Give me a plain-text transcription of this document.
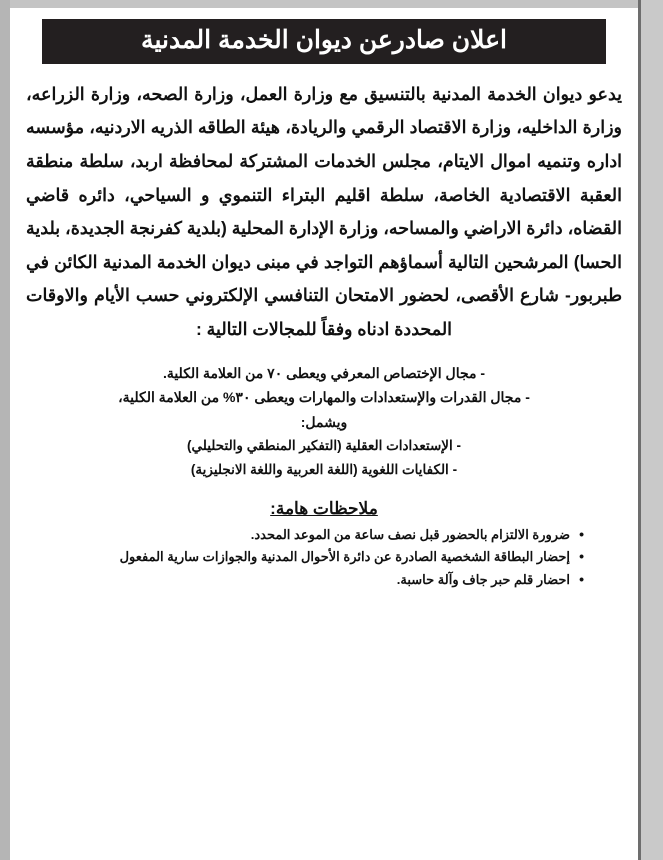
اعلان صادرعن ديوان الخدمة المدنية
يدعو ديوان الخدمة المدنية بالتنسيق مع وزارة العمل، وزارة الصحه، وزارة الزراعه، وزارة الداخليه، وزارة الاقتصاد الرقمي والريادة، هيئة الطاقه الذريه الاردنيه، مؤسسه اداره وتنميه اموال الايتام، مجلس الخدمات المشتركة لمحافظة اربد، سلطة منطقة العقبة الاقتصادية الخاصة، سلطة اقليم البتراء التنموي و السياحي، دائره قاضي القضاه، دائرة الاراضي والمساحه، وزارة الإدارة المحلية (بلدية كفرنجة الجديدة، بلدية الحسا) المرشحين التالية أسماؤهم التواجد في مبنى ديوان الخدمة المدنية الكائن في طبربور- شارع الأقصى، لحضور الامتحان التنافسي الإلكتروني حسب الأيام والاوقات المحددة ادناه وفقاً للمجالات التالية :
- مجال الإختصاص المعرفي ويعطى ٧٠ من العلامة الكلية.
- مجال القدرات والإستعدادات والمهارات ويعطى ٣٠% من العلامة الكلية،
ويشمل:
- الإستعدادات العقلية (التفكير المنطقي والتحليلي)
- الكفايات اللغوية (اللغة العربية واللغة الانجليزية)
ملاحظات هامة:
• ضرورة الالتزام بالحضور قبل نصف ساعة من الموعد المحدد.
• إحضار البطاقة الشخصية الصادرة عن دائرة الأحوال المدنية والجوازات سارية المفعول
• احضار قلم حبر جاف وآلة حاسبة.
